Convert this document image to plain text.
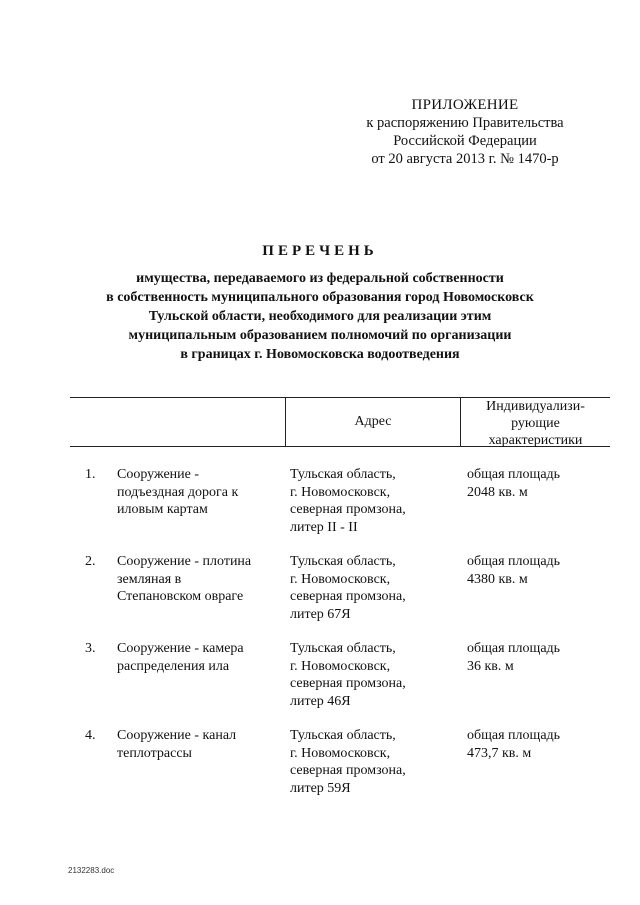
ПРИЛОЖЕНИЕ
к распоряжению Правительства
Российской Федерации
от 20 августа 2013 г. № 1470-р
ПЕРЕЧЕНЬ
имущества, передаваемого из федеральной собственности
в собственность муниципального образования город Новомосковск
Тульской области, необходимого для реализации этим
муниципальным образованием полномочий по организации
в границах г. Новомосковска водоотведения
Адрес
Индивидуализи-
рующие
характеристики
1. Сооружение -
подъездная дорога к
иловым картам
Тульская область,
г. Новомосковск,
северная промзона,
литер II - II
общая площадь
2048 кв. м
2. Сооружение - плотина
земляная в
Степановском овраге
Тульская область,
г. Новомосковск,
северная промзона,
литер 67Я
общая площадь
4380 кв. м
3. Сооружение - камера
распределения ила
Тульская область,
г. Новомосковск,
северная промзона,
литер 46Я
общая площадь
36 кв. м
4. Сооружение - канал
теплотрассы
Тульская область,
г. Новомосковск,
северная промзона,
литер 59Я
общая площадь
473,7 кв. м
2132283.doc
